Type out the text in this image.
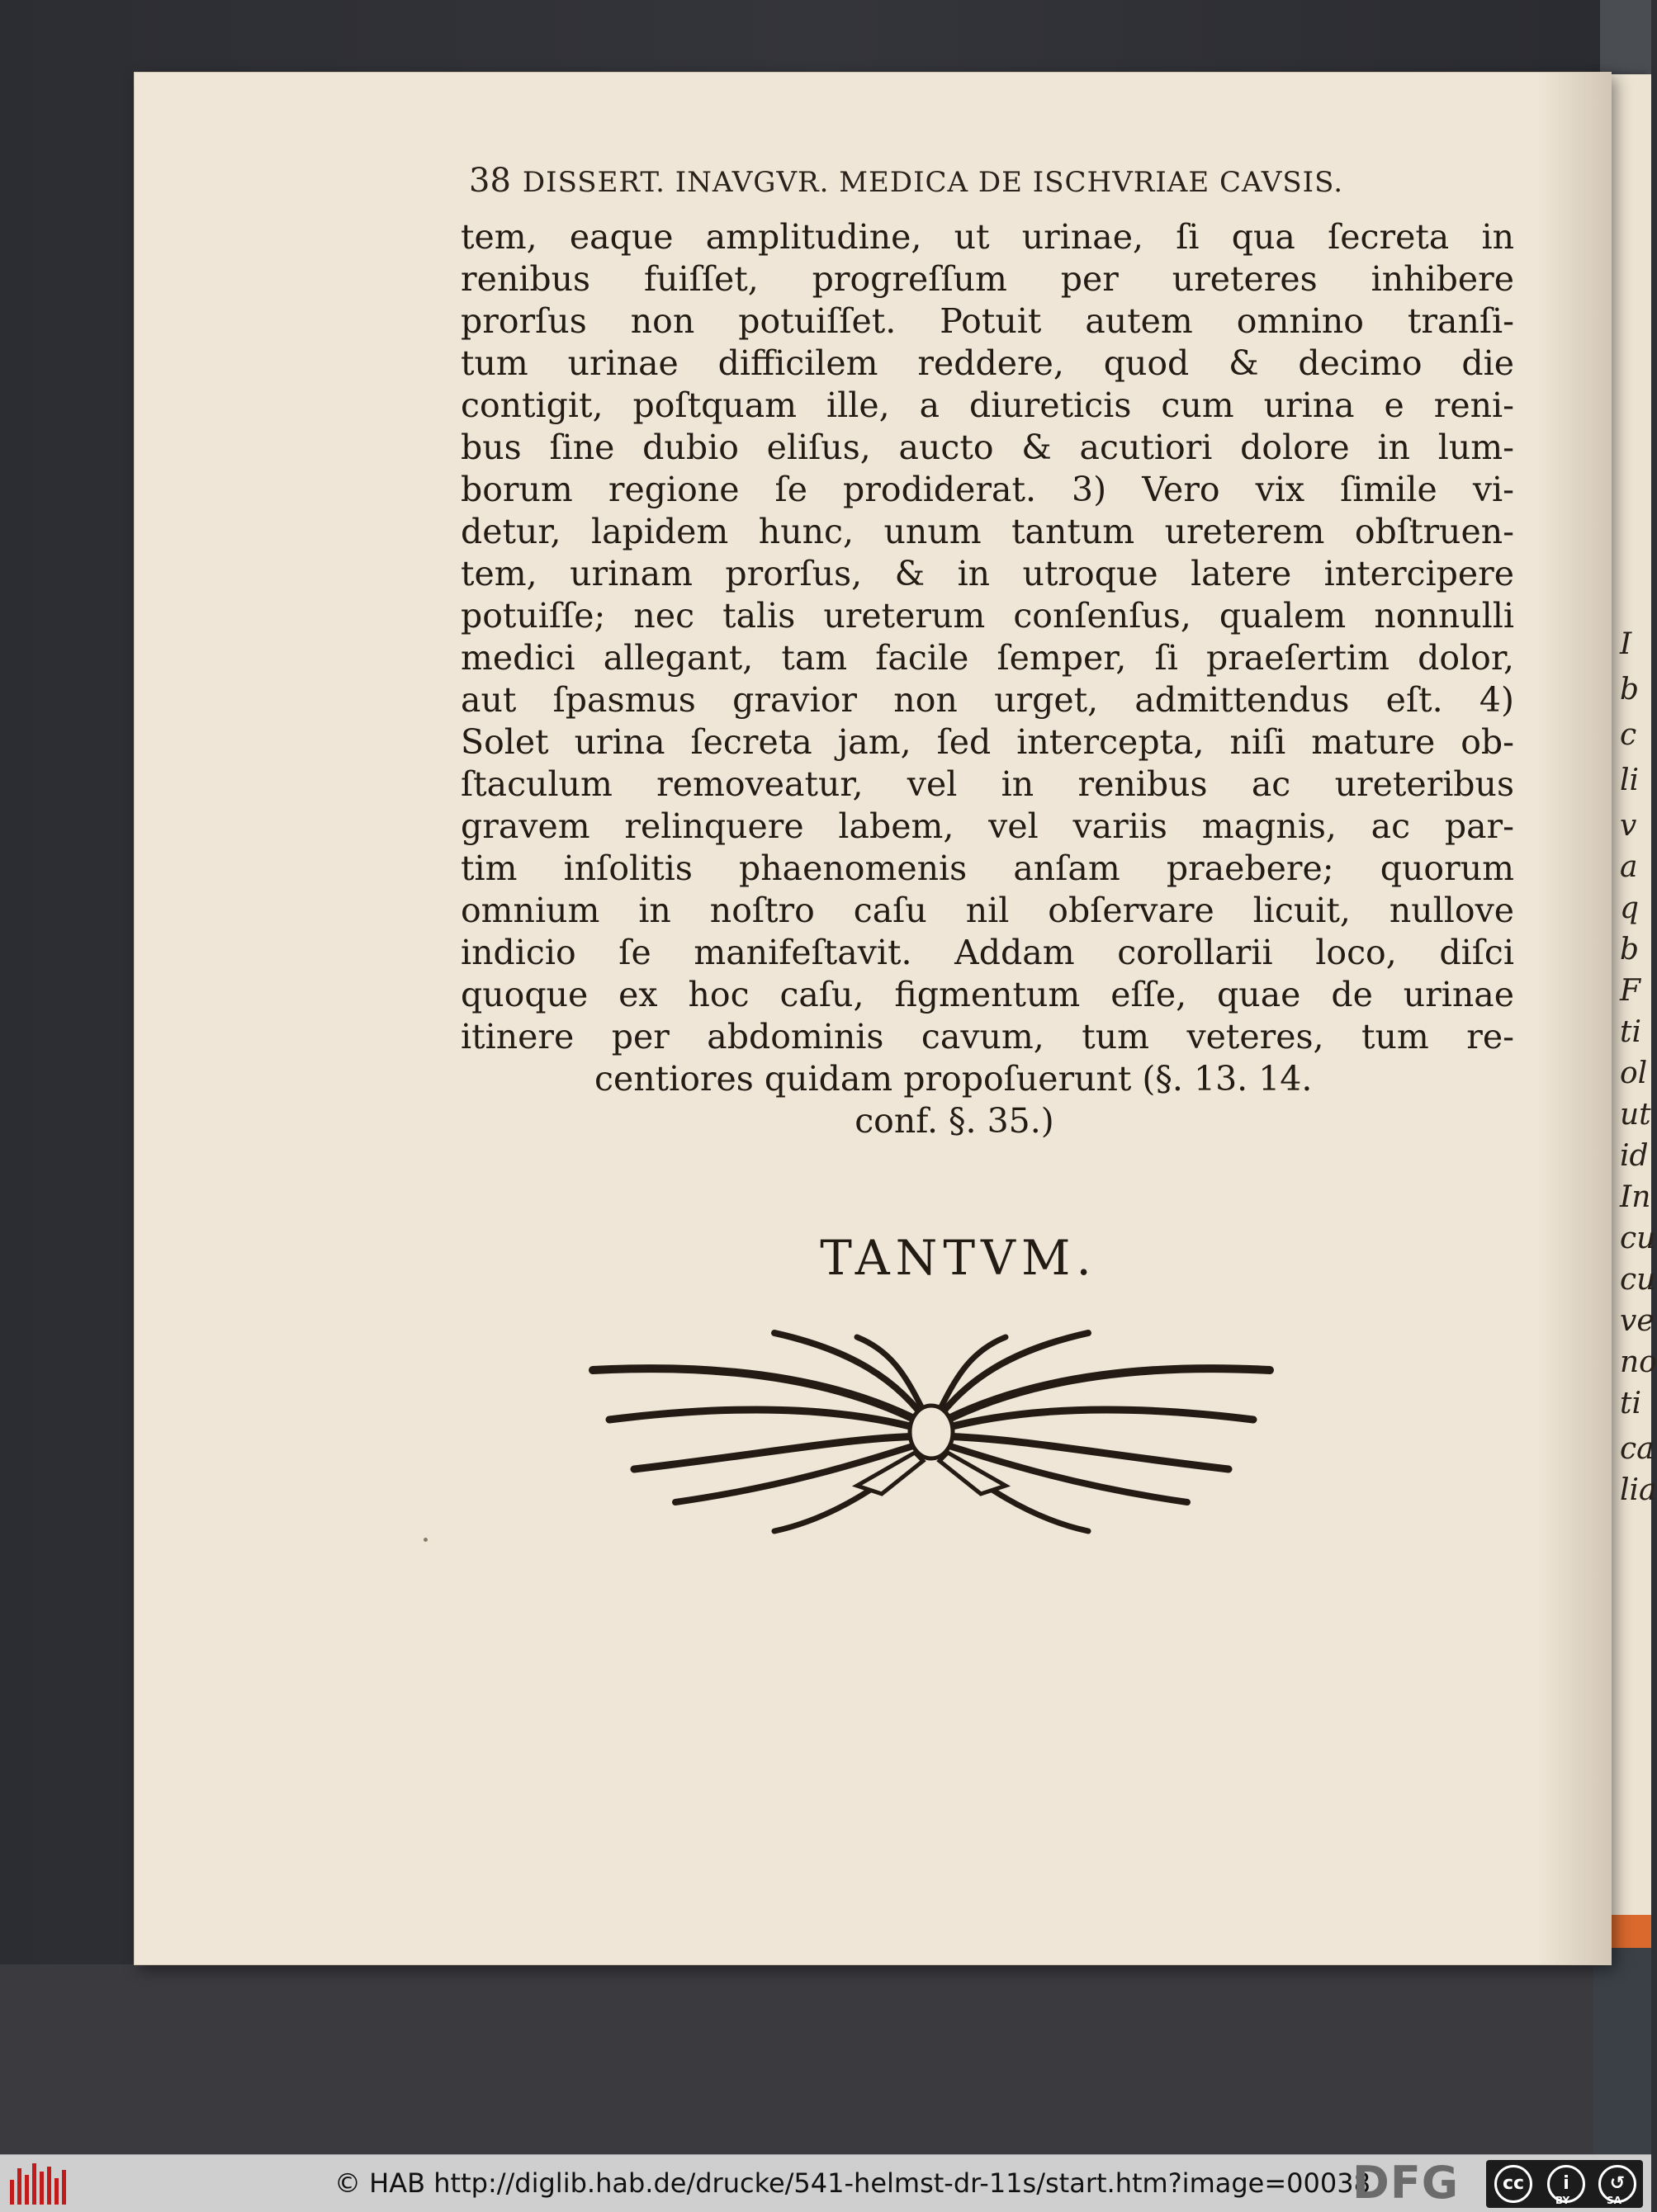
I
b
c
li
v
a
q
b
F
ti
ol
ut
id
In
cu
cu
ve
no
ti
ca
lia
38 DISSERT. INAVGVR. MEDICA DE ISCHVRIAE CAVSIS.
tem, eaque amplitudine, ut urinae, ſi qua ſecreta in
renibus fuiſſet, progreſſum per ureteres inhibere
prorſus non potuiſſet. Potuit autem omnino tranſi-
tum urinae difficilem reddere, quod & decimo die
contigit, poſtquam ille, a diureticis cum urina e reni-
bus ſine dubio eliſus, aucto & acutiori dolore in lum-
borum regione ſe prodiderat. 3) Vero vix ſimile vi-
detur, lapidem hunc, unum tantum ureterem obſtruen-
tem, urinam prorſus, & in utroque latere intercipere
potuiſſe; nec talis ureterum conſenſus, qualem nonnulli
medici allegant, tam facile ſemper, ſi praeſertim dolor,
aut ſpasmus gravior non urget, admittendus eſt. 4)
Solet urina ſecreta jam, ſed intercepta, niſi mature ob-
ſtaculum removeatur, vel in renibus ac ureteribus
gravem relinquere labem, vel variis magnis, ac par-
tim inſolitis phaenomenis anſam praebere; quorum
omnium in noſtro caſu nil obſervare licuit, nullove
indicio ſe manifeſtavit. Addam corollarii loco, diſci
quoque ex hoc caſu, figmentum eſſe, quae de urinae
itinere per abdominis cavum, tum veteres, tum re-
centiores quidam propoſuerunt (§. 13. 14.
conf. §. 35.)
TANTVM.
© HAB http://diglib.hab.de/drucke/541-helmst-dr-11s/start.htm?image=00038
DFG	cc	i	↺
BY	SA
